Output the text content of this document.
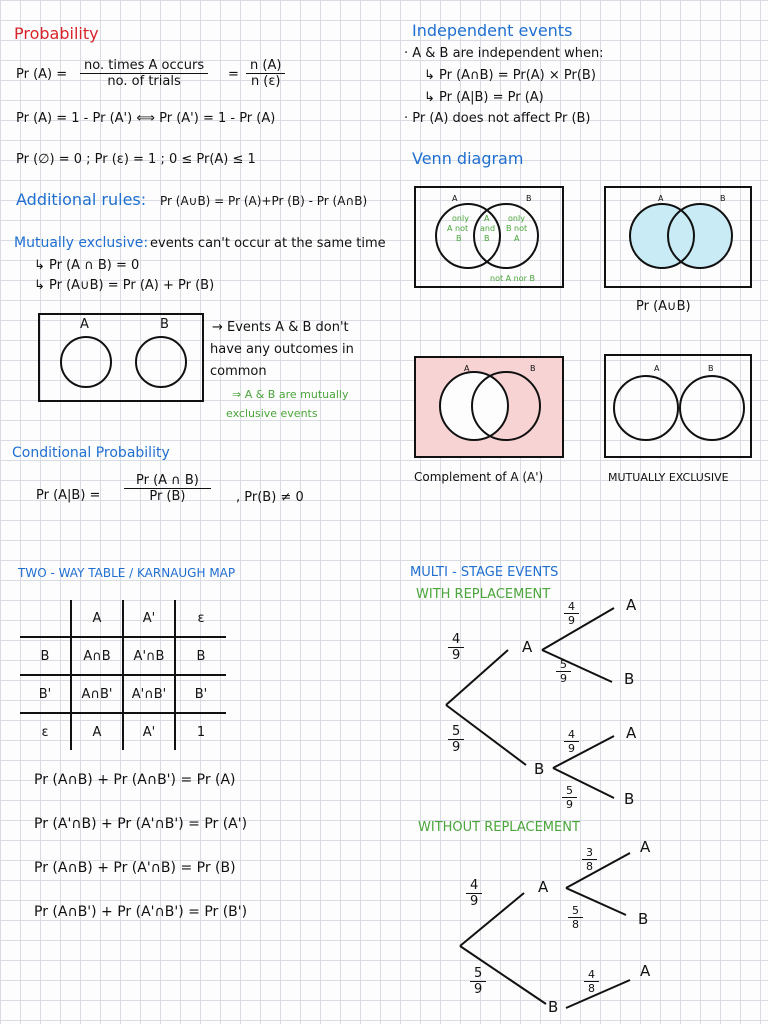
Probability
Pr (A) =
no. times A occurs
no. of trials	= $\frac{n (A)}{n (\varepsilon)}$
Pr (A) = 1 - Pr (A') ⟺ Pr (A') = 1 - Pr (A)
Pr (∅) = 0 ; Pr (ε) = 1 ; 0 ≤ Pr(A) ≤ 1
Additional rules: Pr (A∪B) = Pr (A)+Pr (B) - Pr (A∩B)
Mutually exclusive: events can't occur at the same time
↳ Pr (A ∩ B) = 0
↳ Pr (A∪B) = Pr (A) + Pr (B)
A	B	→ Events A & B don't
have any outcomes in
common
⇒ A & B are mutually
exclusive events
Conditional Probability
Pr $(A|B) = \frac{Pr (A \cap B)}{Pr (B)}$ , Pr(B) ≠ 0
TWO - WAY TABLE / KARNAUGH MAP
	A	A'	ε
B	A∩B	A'∩B	B
B'	A∩B'	A'∩B'	B'
ε	A	A'	1
Pr (A∩B) + Pr (A∩B') = Pr (A)
Pr (A'∩B) + Pr (A'∩B') = Pr (A')
Pr (A∩B) + Pr (A'∩B) = Pr (B)
Pr (A∩B') + Pr (A'∩B') = Pr (B')
Independent events
· A & B are independent when:
↳ Pr (A∩B) = Pr(A) × Pr(B)
↳ Pr (A|B) = Pr (A)
· Pr (A) does not affect Pr (B)
Venn diagram
A	B
only
A not
B
A
and
B
only
B not
A
not A nor B
A	B
Pr (A∪B)
A	B
Complement of A (A')
A	B
MUTUALLY EXCLUSIVE
MULTI - STAGE EVENTS
WITH REPLACEMENT
$\frac{4}{9}$
$\frac{5}{9}$
A
B
$\frac{4}{9}$
$\frac{5}{9}$
$\frac{4}{9}$
$\frac{5}{9}$
A
B
A
B
WITHOUT REPLACEMENT
$\frac{4}{9}$
$\frac{5}{9}$
A
B
$\frac{3}{8}$
$\frac{5}{8}$
$\frac{4}{8}$
A
B
A
